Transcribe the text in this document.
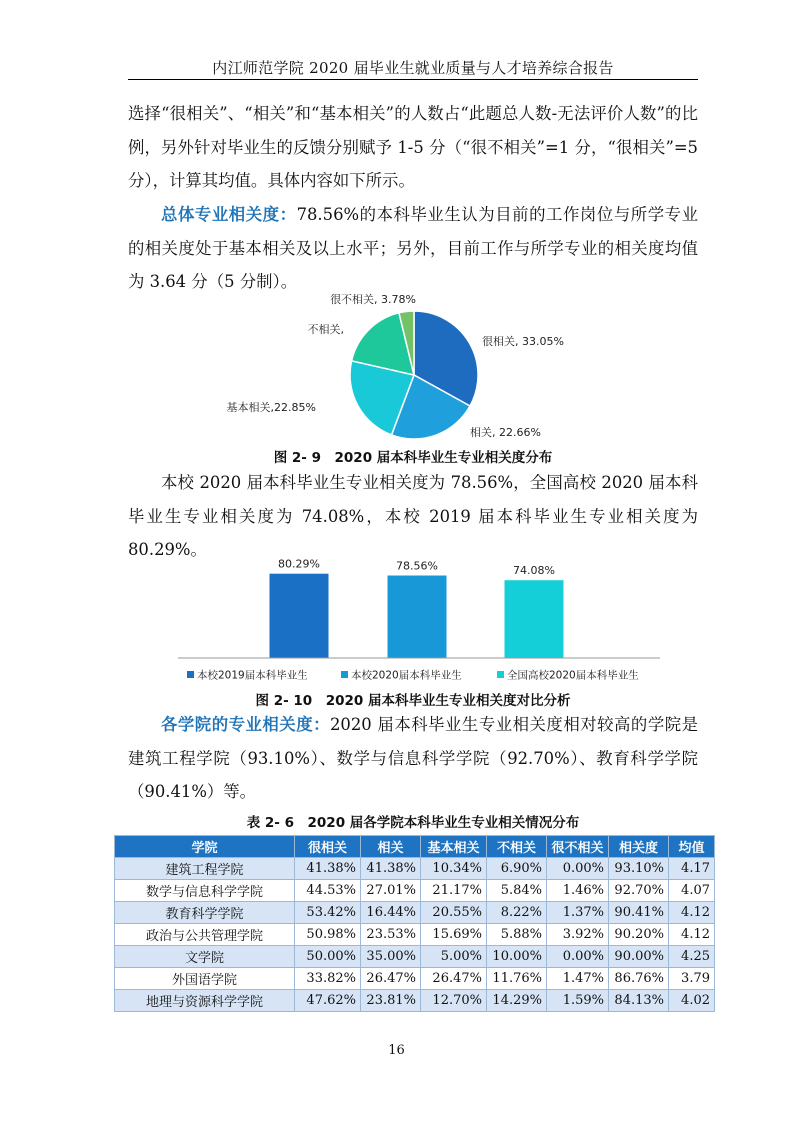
内江师范学院 2020 届毕业生就业质量与人才培养综合报告

选择“很相关”、“相关”和“基本相关”的人数占“此题总人数-无法评价人数”的比例，另外针对毕业生的反馈分别赋予 1-5 分（“很不相关”=1 分，“很相关”=5 分），计算其均值。具体内容如下所示。

总体专业相关度：78.56%的本科毕业生认为目前的工作岗位与所学专业的相关度处于基本相关及以上水平；另外，目前工作与所学专业的相关度均值为 3.64 分（5 分制）。

很相关, 33.05%
相关, 22.66%
基本相关,22.85%
不相关,
很不相关, 3.78%
图 2- 9　2020 届本科毕业生专业相关度分布

本校 2020 届本科毕业生专业相关度为 78.56%，全国高校 2020 届本科毕业生专业相关度为 74.08%，本校 2019 届本科毕业生专业相关度为 80.29%。

80.29%	78.56%	74.08%
本校2019届本科毕业生	本校2020届本科毕业生	全国高校2020届本科毕业生
图 2- 10　2020 届本科毕业生专业相关度对比分析

各学院的专业相关度：2020 届本科毕业生专业相关度相对较高的学院是建筑工程学院（93.10%）、数学与信息科学学院（92.70%）、教育科学学院（90.41%）等。

表 2- 6　2020 届各学院本科毕业生专业相关情况分布
学院	很相关	相关	基本相关	不相关	很不相关	相关度	均值
建筑工程学院	41.38%	41.38%	10.34%	6.90%	0.00%	93.10%	4.17
数学与信息科学学院	44.53%	27.01%	21.17%	5.84%	1.46%	92.70%	4.07
教育科学学院	53.42%	16.44%	20.55%	8.22%	1.37%	90.41%	4.12
政治与公共管理学院	50.98%	23.53%	15.69%	5.88%	3.92%	90.20%	4.12
文学院	50.00%	35.00%	5.00%	10.00%	0.00%	90.00%	4.25
外国语学院	33.82%	26.47%	26.47%	11.76%	1.47%	86.76%	3.79
地理与资源科学学院	47.62%	23.81%	12.70%	14.29%	1.59%	84.13%	4.02
16
